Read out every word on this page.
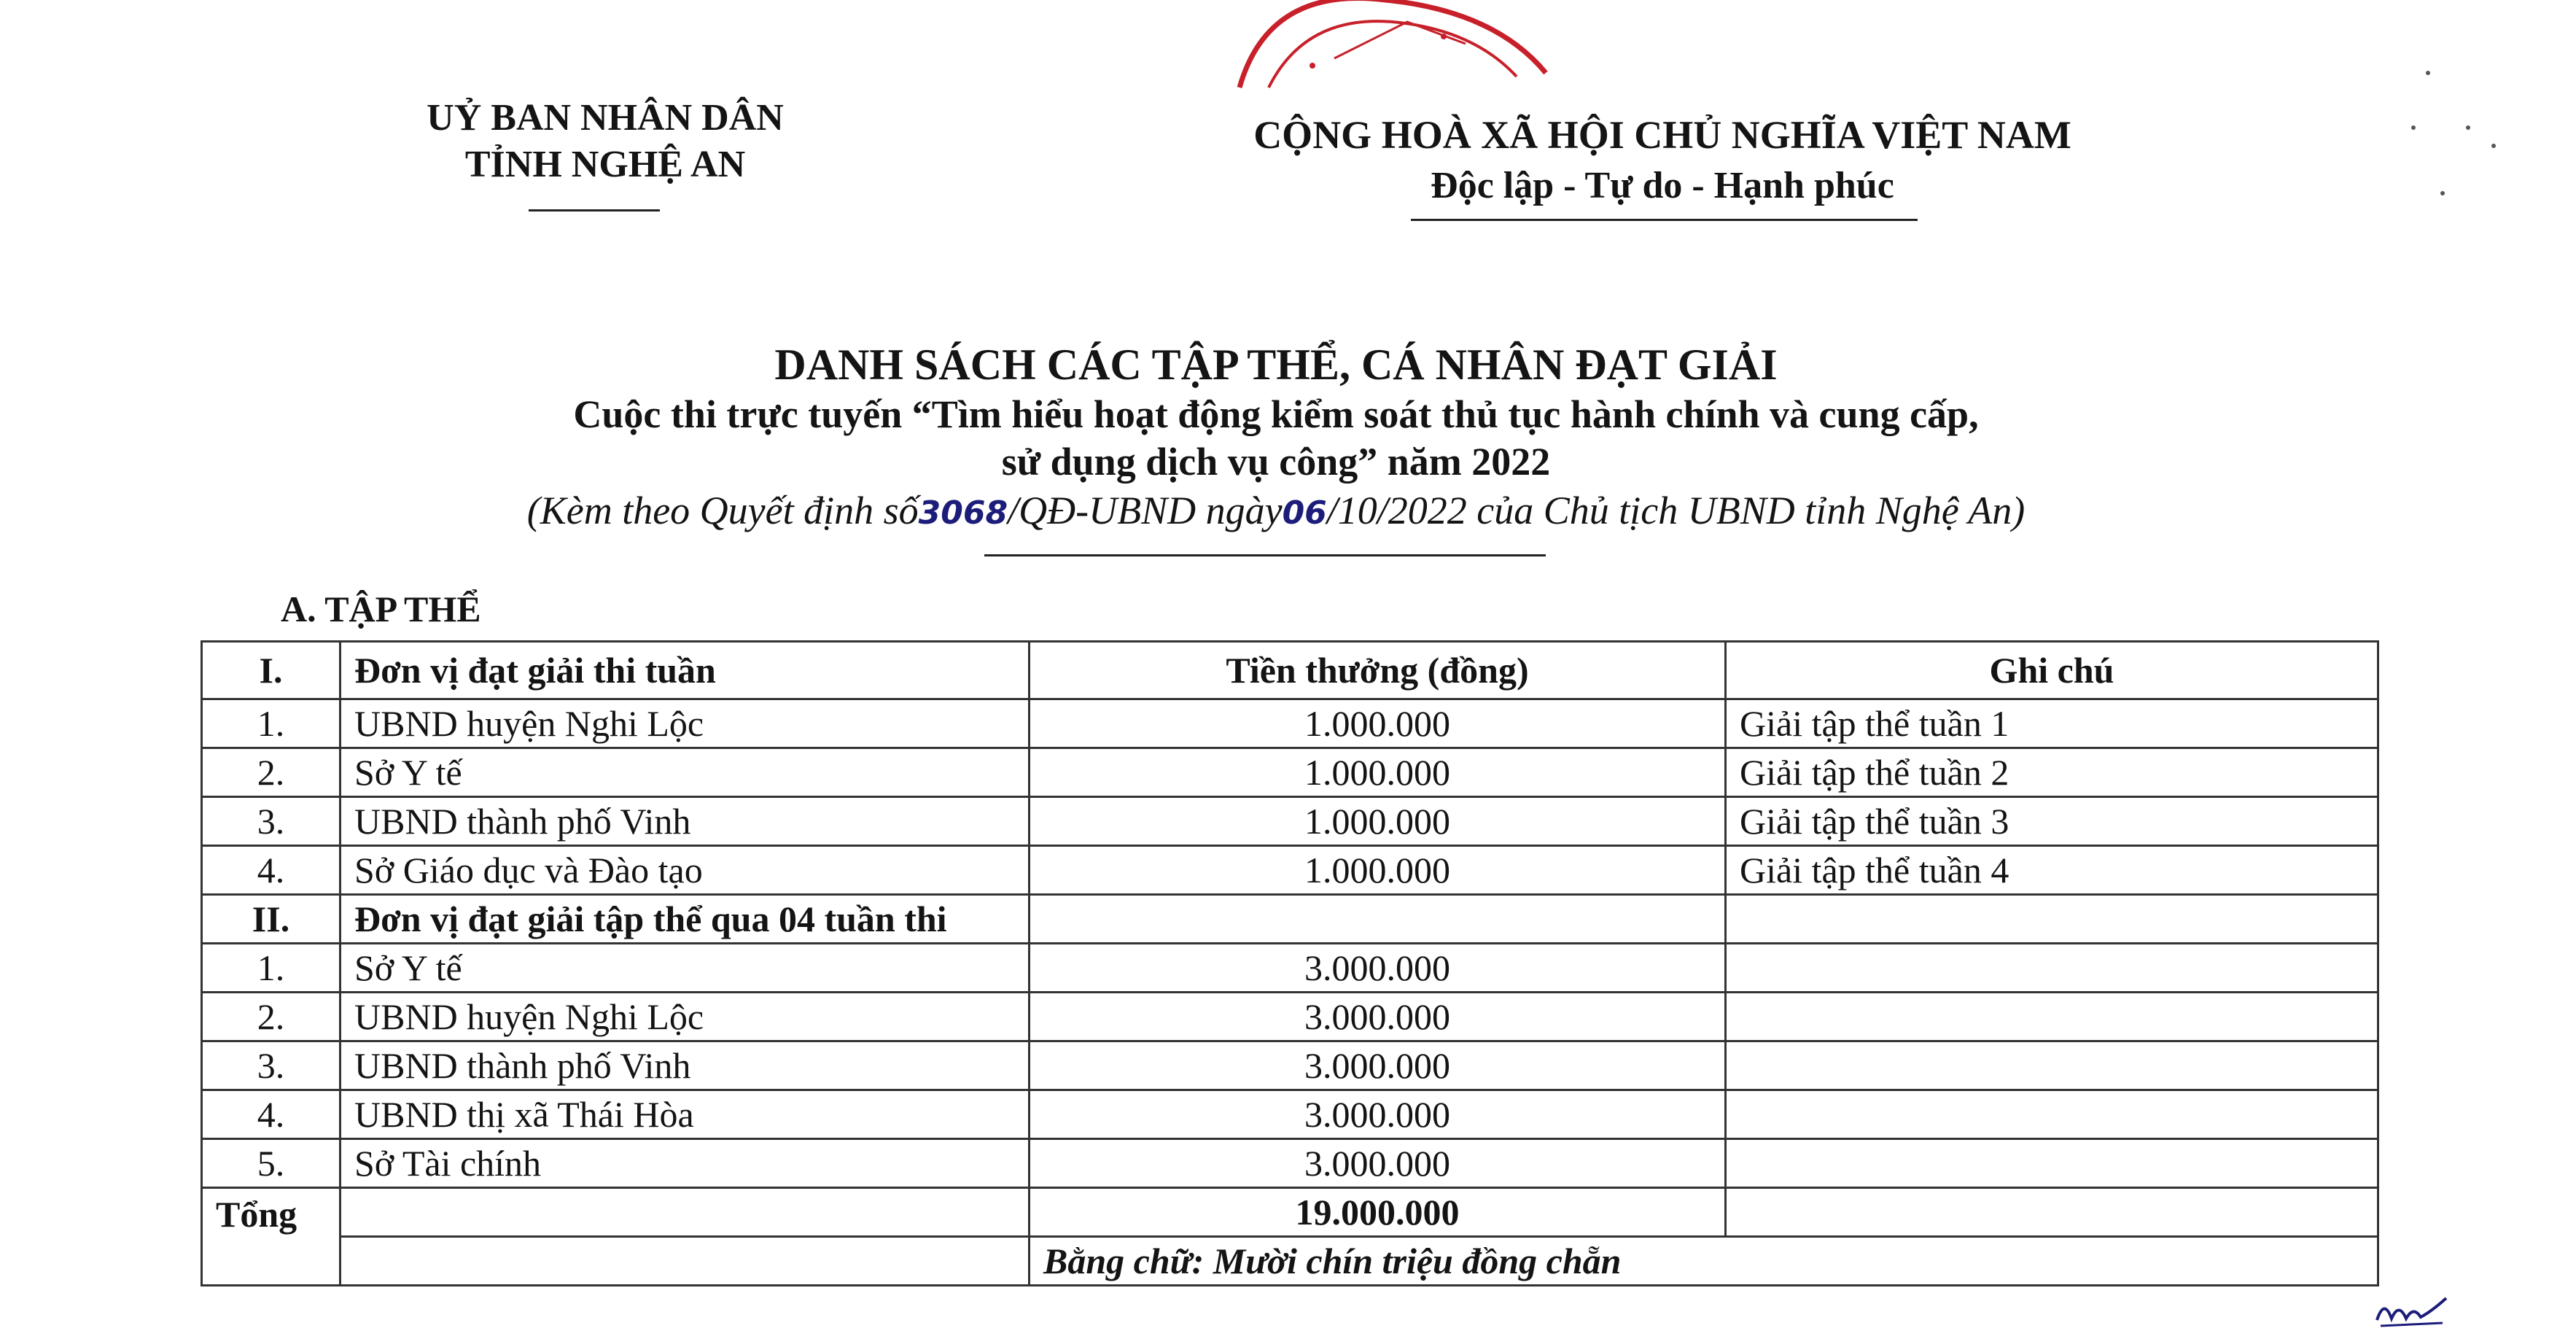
UỶ BAN NHÂN DÂN
TỈNH NGHỆ AN
CỘNG HOÀ XÃ HỘI CHỦ NGHĨA VIỆT NAM
Độc lập - Tự do - Hạnh phúc
DANH SÁCH CÁC TẬP THỂ, CÁ NHÂN ĐẠT GIẢI
Cuộc thi trực tuyến “Tìm hiểu hoạt động kiểm soát thủ tục hành chính và cung cấp,
sử dụng dịch vụ công” năm 2022
(Kèm theo Quyết định số3068/QĐ-UBND ngày06/10/2022 của Chủ tịch UBND tỉnh Nghệ An)
A. TẬP THỂ
I.	Đơn vị đạt giải thi tuần	Tiền thưởng (đồng)	Ghi chú
1.	UBND huyện Nghi Lộc	1.000.000	Giải tập thể tuần 1
2.	Sở Y tế	1.000.000	Giải tập thể tuần 2
3.	UBND thành phố Vinh	1.000.000	Giải tập thể tuần 3
4.	Sở Giáo dục và Đào tạo	1.000.000	Giải tập thể tuần 4
II.	Đơn vị đạt giải tập thể qua 04 tuần thi		
1.	Sở Y tế	3.000.000	
2.	UBND huyện Nghi Lộc	3.000.000	
3.	UBND thành phố Vinh	3.000.000	
4.	UBND thị xã Thái Hòa	3.000.000	
5.	Sở Tài chính	3.000.000	
Tổng		19.000.000	
		Bằng chữ: Mười chín triệu đồng chẵn	
